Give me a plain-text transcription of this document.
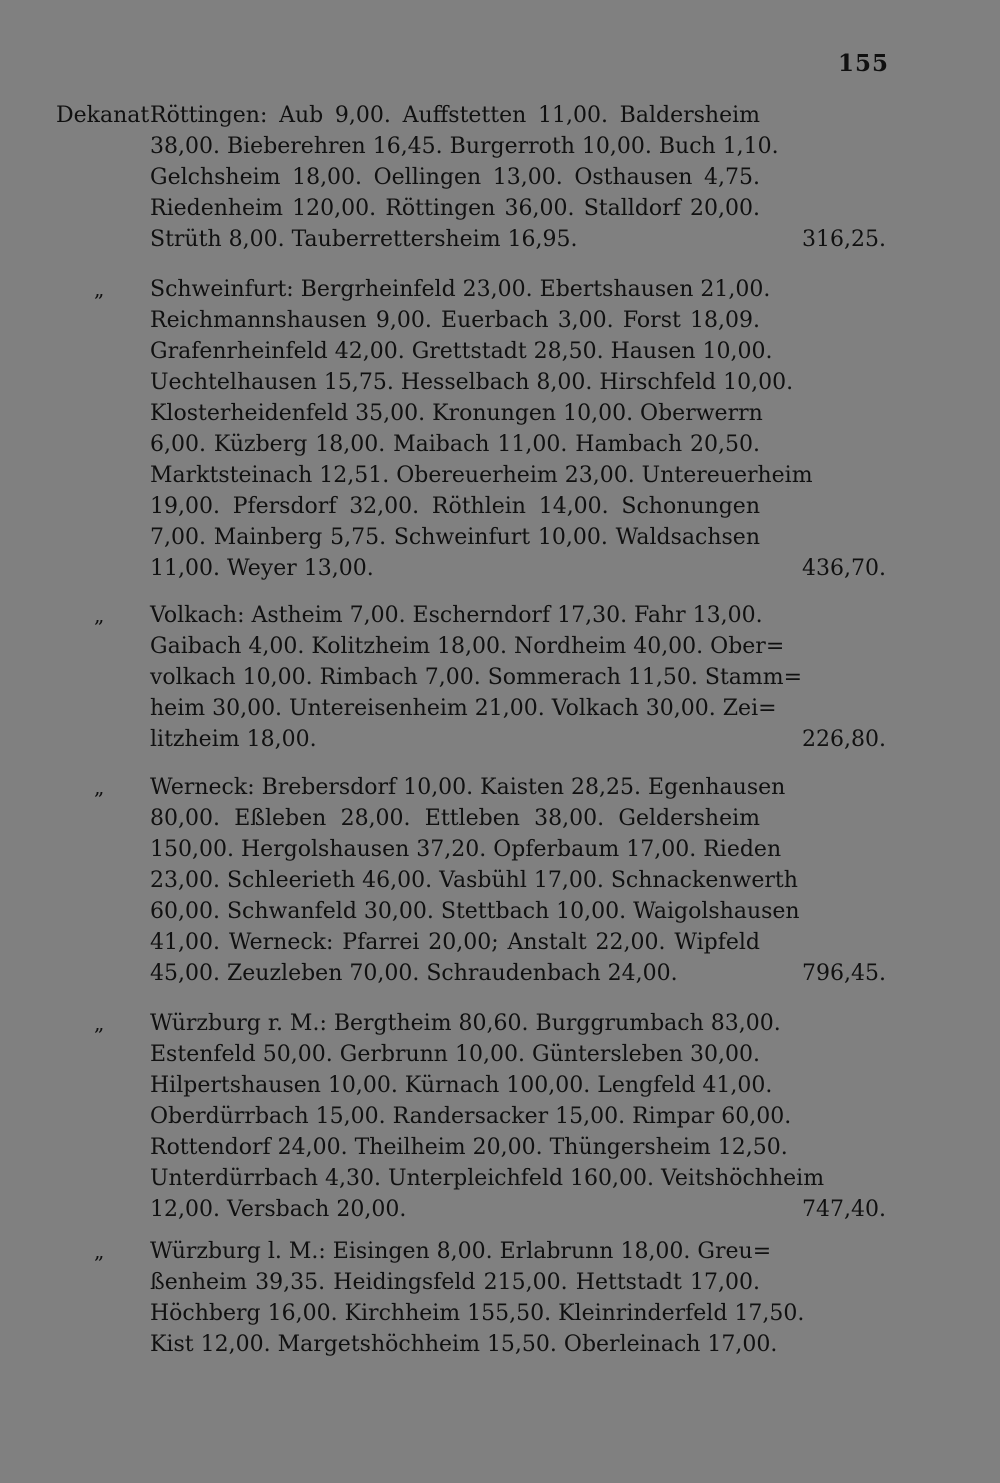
155
Dekanat Röttingen: Aub 9,00. Auffstetten 11,00. Baldersheim
38,00. Bieberehren 16,45. Burgerroth 10,00. Buch 1,10.
Gelchsheim 18,00. Oellingen 13,00. Osthausen 4,75.
Riedenheim 120,00. Röttingen 36,00. Stalldorf 20,00.
Strüth 8,00. Tauberrettersheim 16,95.	316,25.
„ Schweinfurt: Bergrheinfeld 23,00. Ebertshausen 21,00.
Reichmannshausen 9,00. Euerbach 3,00. Forst 18,09.
Grafenrheinfeld 42,00. Grettstadt 28,50. Hausen 10,00.
Uechtelhausen 15,75. Hesselbach 8,00. Hirschfeld 10,00.
Klosterheidenfeld 35,00. Kronungen 10,00. Oberwerrn
6,00. Küzberg 18,00. Maibach 11,00. Hambach 20,50.
Marktsteinach 12,51. Obereuerheim 23,00. Untereuerheim
19,00. Pfersdorf 32,00. Röthlein 14,00. Schonungen
7,00. Mainberg 5,75. Schweinfurt 10,00. Waldsachsen
11,00. Weyer 13,00.	436,70.
„ Volkach: Astheim 7,00. Escherndorf 17,30. Fahr 13,00.
Gaibach 4,00. Kolitzheim 18,00. Nordheim 40,00. Ober=
volkach 10,00. Rimbach 7,00. Sommerach 11,50. Stamm=
heim 30,00. Untereisenheim 21,00. Volkach 30,00. Zei=
litzheim 18,00.	226,80.
„ Werneck: Brebersdorf 10,00. Kaisten 28,25. Egenhausen
80,00. Eßleben 28,00. Ettleben 38,00. Geldersheim
150,00. Hergolshausen 37,20. Opferbaum 17,00. Rieden
23,00. Schleerieth 46,00. Vasbühl 17,00. Schnackenwerth
60,00. Schwanfeld 30,00. Stettbach 10,00. Waigolshausen
41,00. Werneck: Pfarrei 20,00; Anstalt 22,00. Wipfeld
45,00. Zeuzleben 70,00. Schraudenbach 24,00.	796,45.
„ Würzburg r. M.: Bergtheim 80,60. Burggrumbach 83,00.
Estenfeld 50,00. Gerbrunn 10,00. Güntersleben 30,00.
Hilpertshausen 10,00. Kürnach 100,00. Lengfeld 41,00.
Oberdürrbach 15,00. Randersacker 15,00. Rimpar 60,00.
Rottendorf 24,00. Theilheim 20,00. Thüngersheim 12,50.
Unterdürrbach 4,30. Unterpleichfeld 160,00. Veitshöchheim
12,00. Versbach 20,00.	747,40.
„ Würzburg l. M.: Eisingen 8,00. Erlabrunn 18,00. Greu=
ßenheim 39,35. Heidingsfeld 215,00. Hettstadt 17,00.
Höchberg 16,00. Kirchheim 155,50. Kleinrinderfeld 17,50.
Kist 12,00. Margetshöchheim 15,50. Oberleinach 17,00.
